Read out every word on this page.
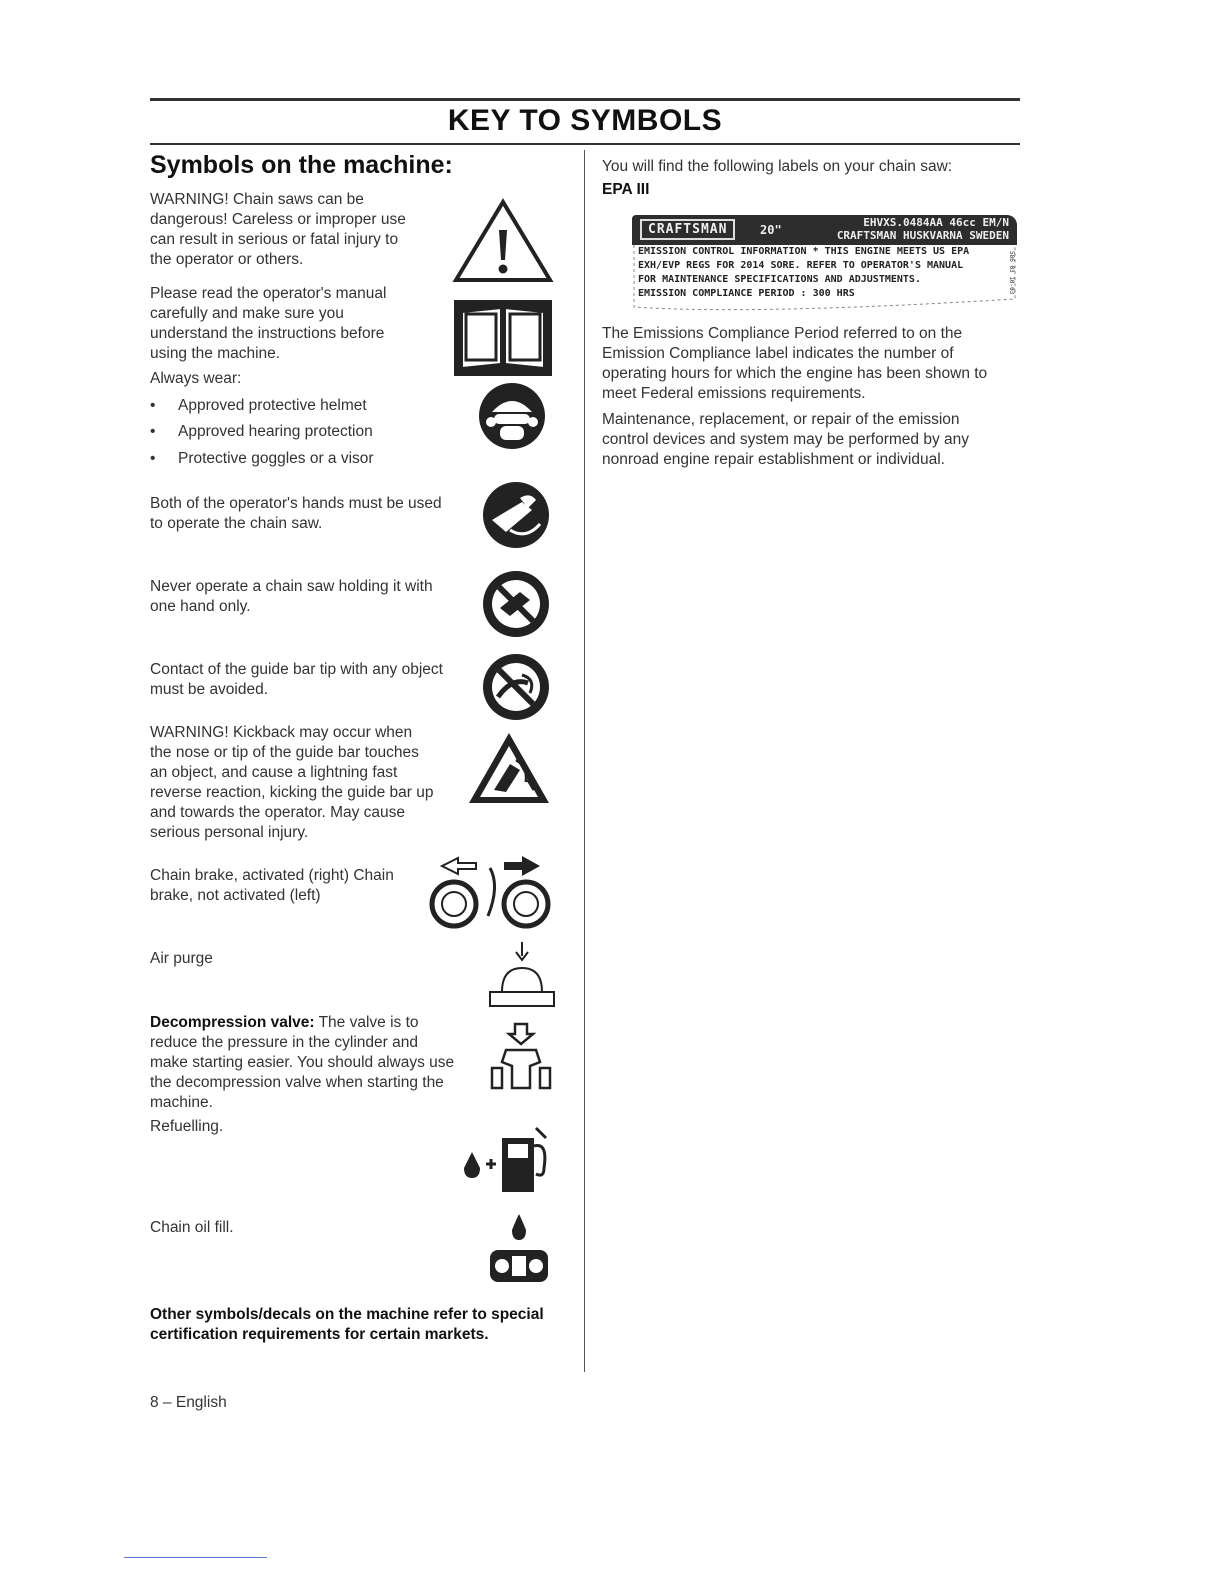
KEY TO SYMBOLS
Symbols on the machine:
WARNING! Chain saws can be
dangerous! Careless or improper use
can result in serious or fatal injury to
the operator or others.
Please read the operator's manual
carefully and make sure you
understand the instructions before
using the machine.
Always wear:
• Approved protective helmet
• Approved hearing protection
• Protective goggles or a visor
Both of the operator's hands must be used
to operate the chain saw.
Never operate a chain saw holding it with
one hand only.
Contact of the guide bar tip with any object
must be avoided.
WARNING! Kickback may occur when
the nose or tip of the guide bar touches
an object, and cause a lightning fast
reverse reaction, kicking the guide bar up
and towards the operator. May cause
serious personal injury.
Chain brake, activated (right) Chain
brake, not activated (left)
Air purge
Decompression valve: The valve is to
reduce the pressure in the cylinder and
make starting easier. You should always use
the decompression valve when starting the
machine.
Refuelling.
Chain oil fill.
Other symbols/decals on the machine refer to special
certification requirements for certain markets.
You will find the following labels on your chain saw:
EPA III
CRAFTSMAN	20"
EHVXS.0484AA 46cc EM/N
CRAFTSMAN HUSKVARNA SWEDEN
EMISSION CONTROL INFORMATION * THIS ENGINE MEETS US EPA
EXH/EVP REGS FOR 2014 SORE. REFER TO OPERATOR'S MANUAL
FOR MAINTENANCE SPECIFICATIONS AND ADJUSTMENTS.
EMISSION COMPLIANCE PERIOD : 300 HRS	586 03 10-03
The Emissions Compliance Period referred to on the
Emission Compliance label indicates the number of
operating hours for which the engine has been shown to
meet Federal emissions requirements.
Maintenance, replacement, or repair of the emission
control devices and system may be performed by any
nonroad engine repair establishment or individual.
8 – English
